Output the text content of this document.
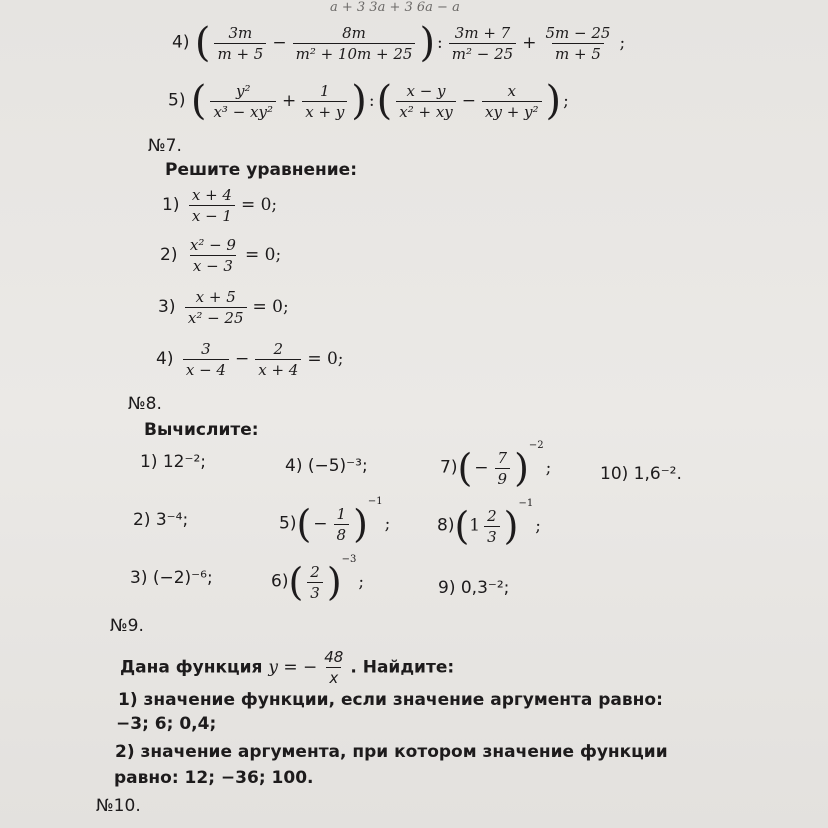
a + 3 3a + 3 6a − a
4) ( $\frac{3m}{m + 5} - \frac{8m}{\text{m² + 10m + 25}}$ ) : $\frac{3m + 7}{\text{m² − 25}} + \frac{5m - 25}{m + 5}$ ;
5) ( $\frac{\text{y²}}{\text{x³ − xy²}} + \frac{1}{x + y}$ ) :( $\frac{x - y}{\text{x² + xy}} - \frac{x}{\text{xy + y²}}$ ) ;
№7.
Решите уравнение:
$1) \frac{x + 4}{x - 1} = 0$;
$2) \frac{\text{x² − 9}}{x - 3} = 0$;
$3) \frac{x + 5}{\text{x² − 25}} = 0$;
$4) \frac{3}{x - 4} - \frac{2}{x + 4} = 0$;
№8.
Вычислите:
1) 12⁻²;
2) 3⁻⁴;
3) (−2)⁻⁶;
4) (−5)⁻³;
$5)( - \frac{1}{8} )^{-1}$;
$6)( \frac{2}{3} )^{-3}$;
$7)( - \frac{7}{9} )^{-2}$;
$8)(1 \frac{2}{3} )^{-1}$;
9) 0,3⁻²;
10) 1,6⁻².
№9.
Дана функция y = − $\frac{48}{x}$ . Найдите:
1) значение функции, если значение аргумента равно:
−3; 6; 0,4;
2) значение аргумента, при котором значение функции
равно: 12; −36; 100.
№10.
